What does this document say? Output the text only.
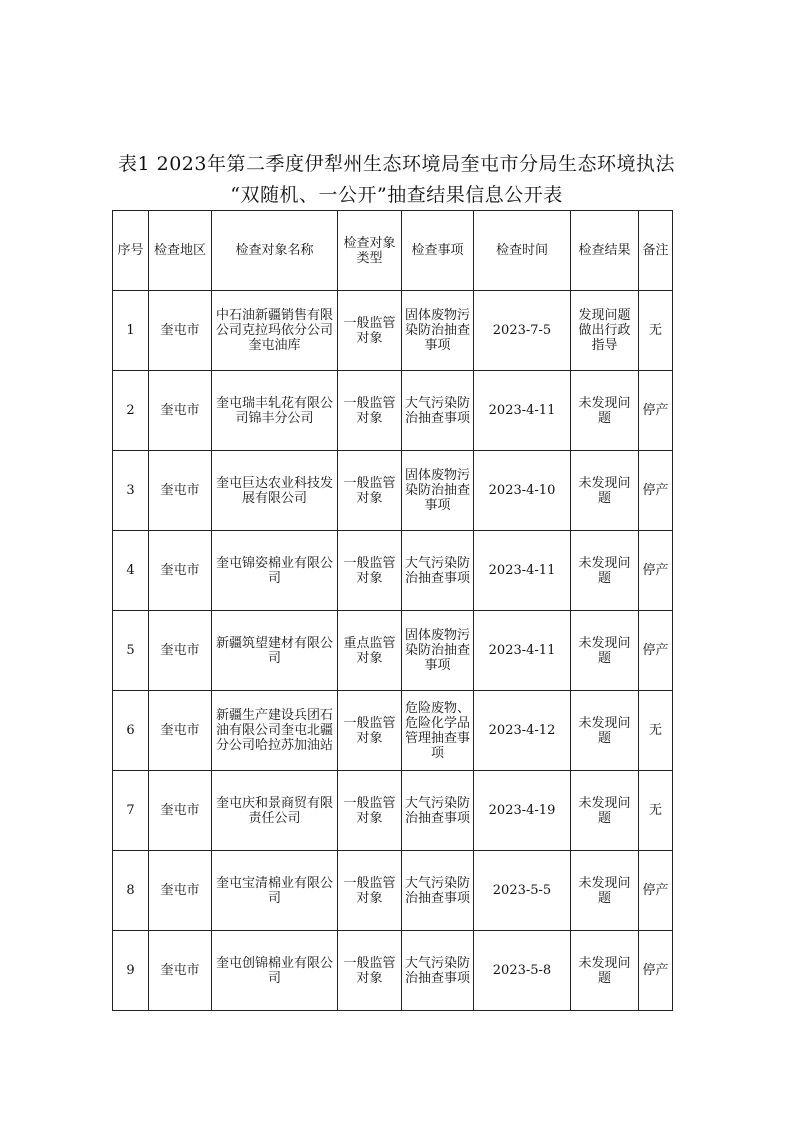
表1 2023年第二季度伊犁州生态环境局奎屯市分局生态环境执法
“双随机、一公开”抽查结果信息公开表
序号	检查地区	检查对象名称	检查对象类型	检查事项	检查时间	检查结果	备注
1	奎屯市	中石油新疆销售有限公司克拉玛依分公司奎屯油库	一般监管对象	固体废物污染防治抽查事项	2023-7-5	发现问题做出行政指导	无
2	奎屯市	奎屯瑞丰轧花有限公司锦丰分公司	一般监管对象	大气污染防治抽查事项	2023-4-11	未发现问题	停产
3	奎屯市	奎屯巨达农业科技发展有限公司	一般监管对象	固体废物污染防治抽查事项	2023-4-10	未发现问题	停产
4	奎屯市	奎屯锦姿棉业有限公司	一般监管对象	大气污染防治抽查事项	2023-4-11	未发现问题	停产
5	奎屯市	新疆筑望建材有限公司	重点监管对象	固体废物污染防治抽查事项	2023-4-11	未发现问题	停产
6	奎屯市	新疆生产建设兵团石油有限公司奎屯北疆分公司哈拉苏加油站	一般监管对象	危险废物、危险化学品管理抽查事项	2023-4-12	未发现问题	无
7	奎屯市	奎屯庆和景商贸有限责任公司	一般监管对象	大气污染防治抽查事项	2023-4-19	未发现问题	无
8	奎屯市	奎屯宝清棉业有限公司	一般监管对象	大气污染防治抽查事项	2023-5-5	未发现问题	停产
9	奎屯市	奎屯创锦棉业有限公司	一般监管对象	大气污染防治抽查事项	2023-5-8	未发现问题	停产
